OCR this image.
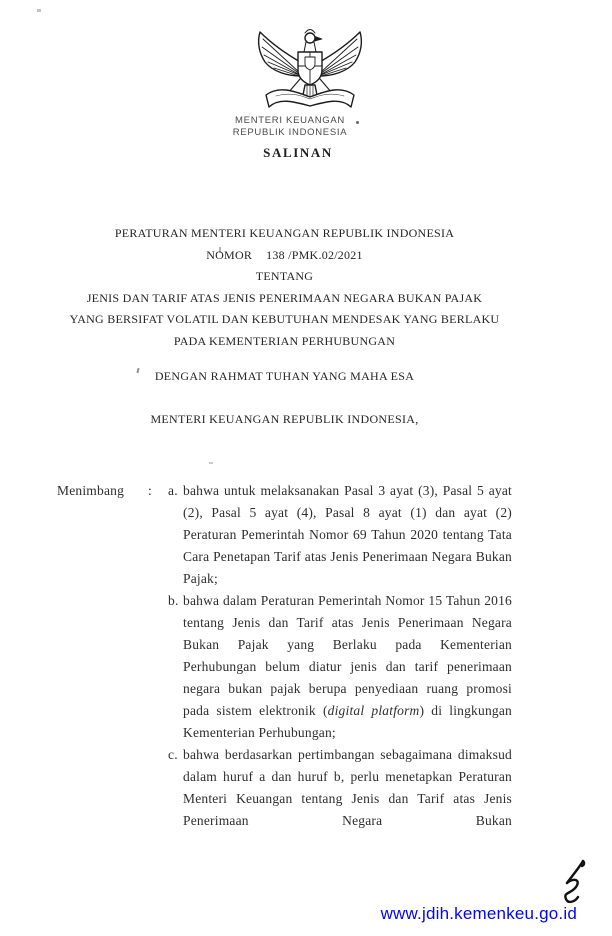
MENTERI KEUANGAN
REPUBLIK INDONESIA
SALINAN
PERATURAN MENTERI KEUANGAN REPUBLIK INDONESIA
NOMOR 138 /PMK.02/2021
TENTANG
JENIS DAN TARIF ATAS JENIS PENERIMAAN NEGARA BUKAN PAJAK
YANG BERSIFAT VOLATIL DAN KEBUTUHAN MENDESAK YANG BERLAKU
PADA KEMENTERIAN PERHUBUNGAN
DENGAN RAHMAT TUHAN YANG MAHA ESA
MENTERI KEUANGAN REPUBLIK INDONESIA,
Menimbang	:	a. bahwa untuk melaksanakan Pasal 3 ayat (3), Pasal 5 ayat (2), Pasal 5 ayat (4), Pasal 8 ayat (1) dan ayat (2) Peraturan Pemerintah Nomor 69 Tahun 2020 tentang Tata Cara Penetapan Tarif atas Jenis Penerimaan Negara Bukan Pajak;
b. bahwa dalam Peraturan Pemerintah Nomor 15 Tahun 2016 tentang Jenis dan Tarif atas Jenis Penerimaan Negara Bukan Pajak yang Berlaku pada Kementerian Perhubungan belum diatur jenis dan tarif penerimaan negara bukan pajak berupa penyediaan ruang promosi pada sistem elektronik (digital platform) di lingkungan Kementerian Perhubungan;
c. bahwa berdasarkan pertimbangan sebagaimana dimaksud dalam huruf a dan huruf b, perlu menetapkan Peraturan Menteri Keuangan tentang Jenis dan Tarif atas Jenis Penerimaan Negara Bukan
www.jdih.kemenkeu.go.id
